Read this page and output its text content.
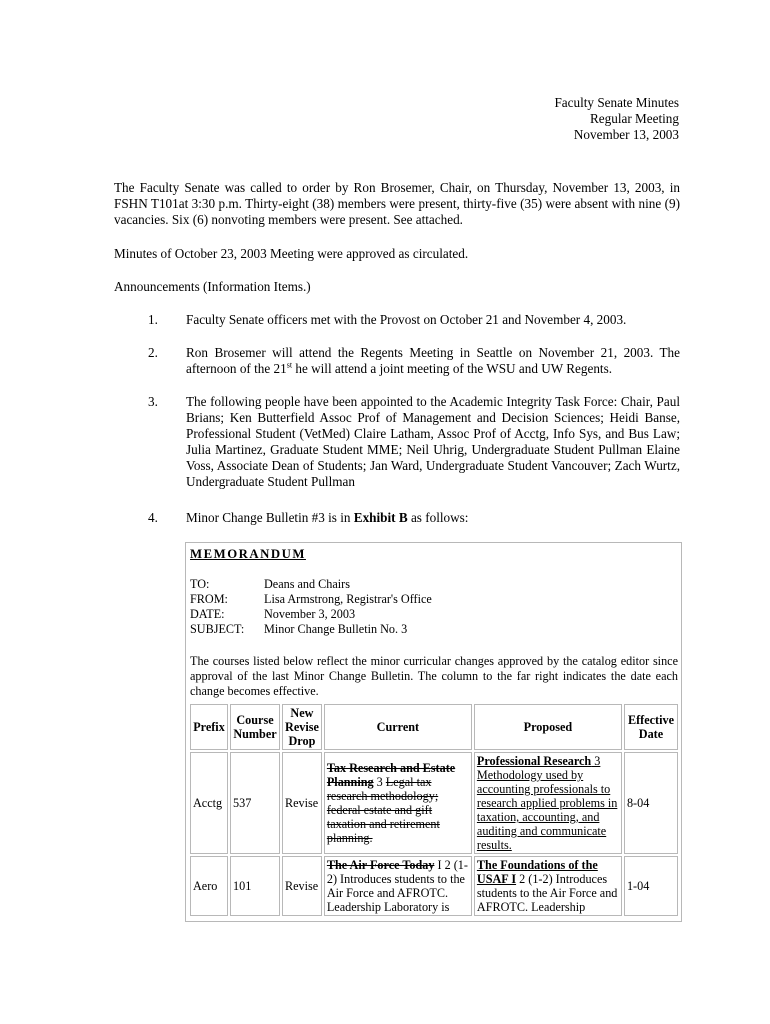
Faculty Senate Minutes
Regular Meeting
November 13, 2003
The Faculty Senate was called to order by Ron Brosemer, Chair, on Thursday, November 13, 2003, in FSHN T101at 3:30 p.m. Thirty-eight (38) members were present, thirty-five (35) were absent with nine (9) vacancies. Six (6) nonvoting members were present. See attached.
Minutes of October 23, 2003 Meeting were approved as circulated.
Announcements (Information Items.)
1. Faculty Senate officers met with the Provost on October 21 and November 4, 2003.
2. Ron Brosemer will attend the Regents Meeting in Seattle on November 21, 2003. The afternoon of the 21st he will attend a joint meeting of the WSU and UW Regents.
3. The following people have been appointed to the Academic Integrity Task Force: Chair, Paul Brians; Ken Butterfield Assoc Prof of Management and Decision Sciences; Heidi Banse, Professional Student (VetMed) Claire Latham, Assoc Prof of Acctg, Info Sys, and Bus Law; Julia Martinez, Graduate Student MME; Neil Uhrig, Undergraduate Student Pullman Elaine Voss, Associate Dean of Students; Jan Ward, Undergraduate Student Vancouver; Zach Wurtz, Undergraduate Student Pullman
4. Minor Change Bulletin #3 is in Exhibit B as follows:
MEMORANDUM
TO:	Deans and Chairs
FROM:	Lisa Armstrong, Registrar's Office
DATE:	November 3, 2003
SUBJECT:	Minor Change Bulletin No. 3
The courses listed below reflect the minor curricular changes approved by the catalog editor since approval of the last Minor Change Bulletin. The column to the far right indicates the date each change becomes effective.
Prefix	Course Number	New Revise Drop	Current	Proposed	Effective Date
Acctg	537	Revise	Tax Research and Estate Planning 3 Legal tax research methodology; federal estate and gift taxation and retirement planning.	Professional Research 3 Methodology used by accounting professionals to research applied problems in taxation, accounting, and auditing and communicate results.	8-04
Aero	101	Revise	The Air Force Today I 2 (1-2) Introduces students to the Air Force and AFROTC. Leadership Laboratory is	The Foundations of the USAF I 2 (1-2) Introduces students to the Air Force and AFROTC. Leadership	1-04
